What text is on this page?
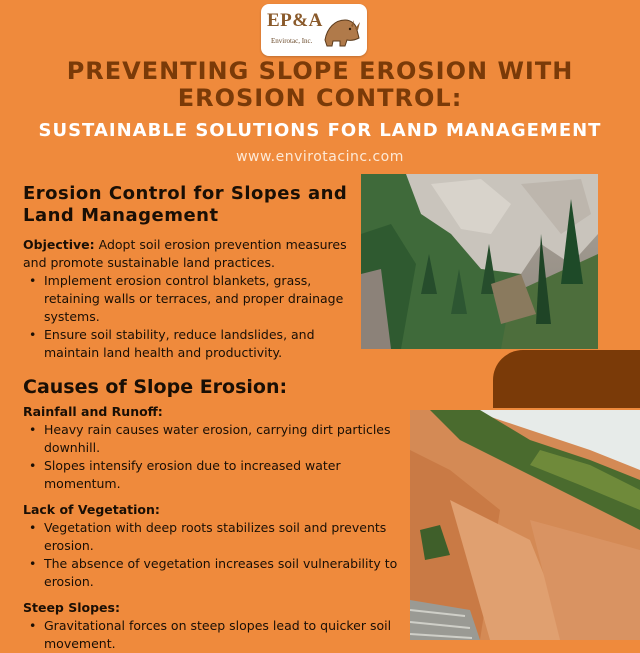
EP&A
Envirotac, Inc.
PREVENTING SLOPE EROSION WITH
EROSION CONTROL:
SUSTAINABLE SOLUTIONS FOR LAND MANAGEMENT
www.envirotacinc.com
Erosion Control for Slopes and Land Management
Objective: Adopt soil erosion prevention measures and promote sustainable land practices.
• Implement erosion control blankets, grass, retaining walls or terraces, and proper drainage systems.
• Ensure soil stability, reduce landslides, and maintain land health and productivity.
Causes of Slope Erosion:
Rainfall and Runoff:
• Heavy rain causes water erosion, carrying dirt particles downhill.
• Slopes intensify erosion due to increased water momentum.
Lack of Vegetation:
• Vegetation with deep roots stabilizes soil and prevents erosion.
• The absence of vegetation increases soil vulnerability to erosion.
Steep Slopes:
• Gravitational forces on steep slopes lead to quicker soil movement.
